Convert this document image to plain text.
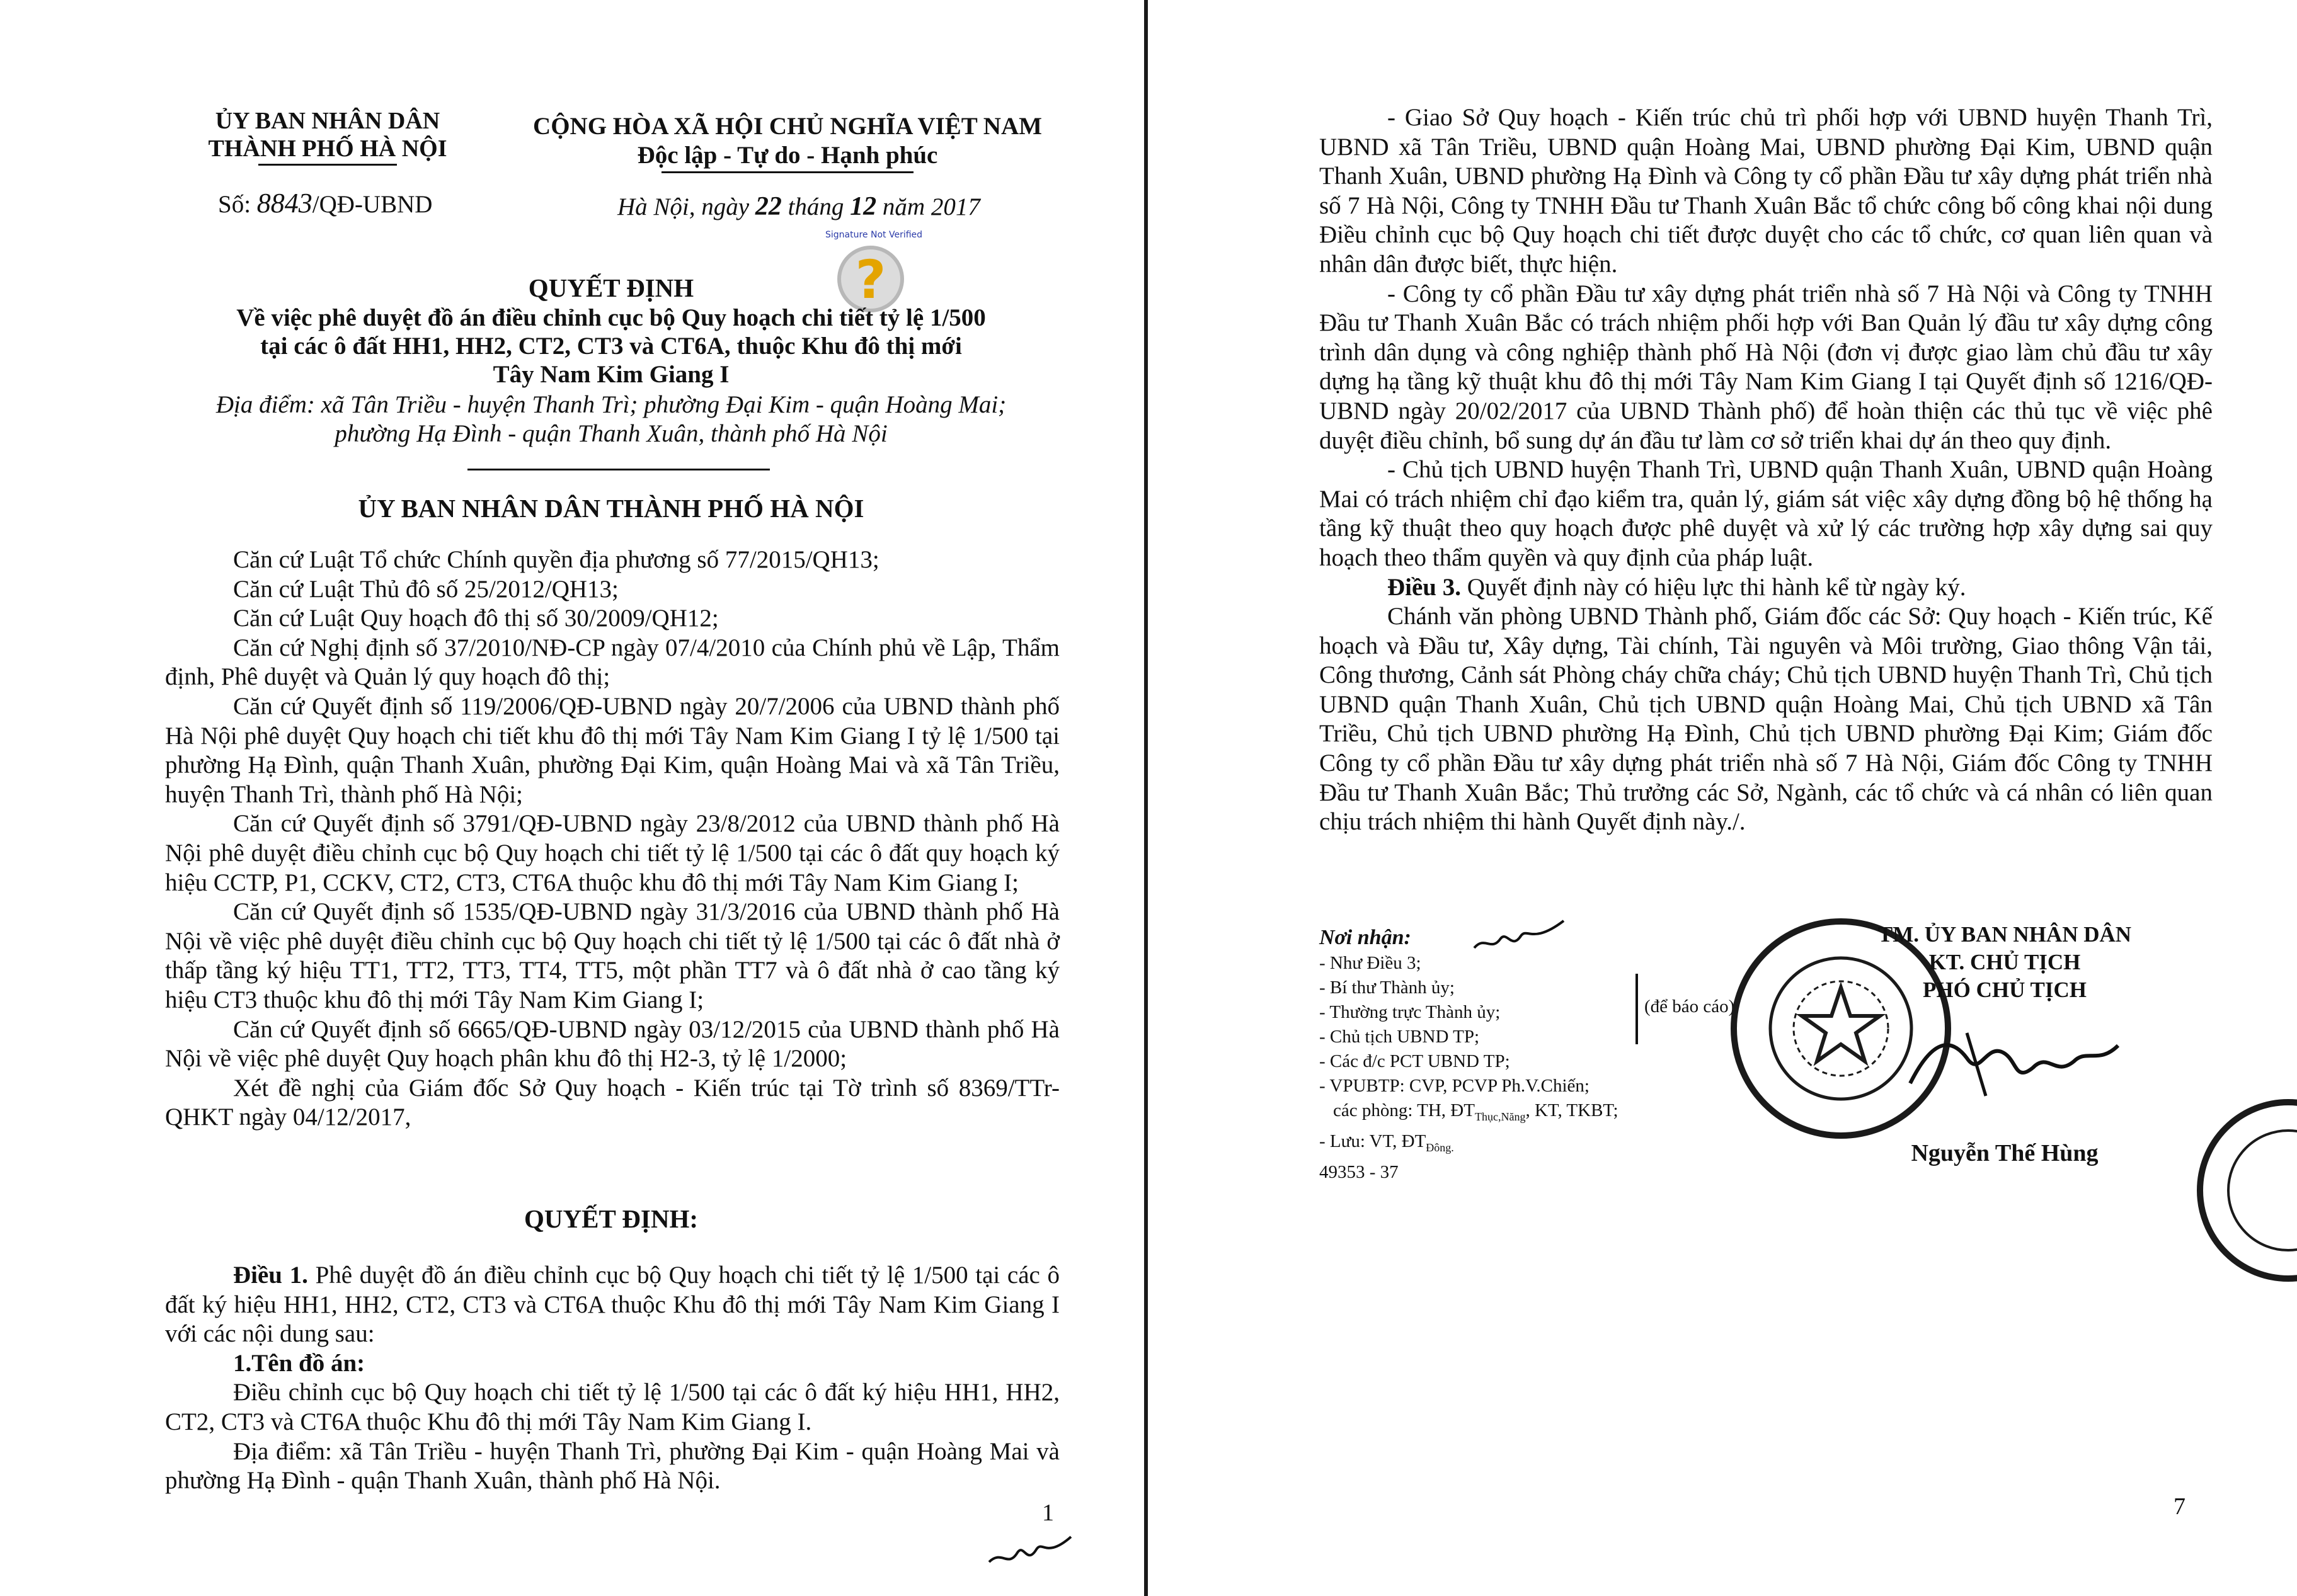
ỦY BAN NHÂN DÂN
THÀNH PHỐ HÀ NỘI
CỘNG HÒA XÃ HỘI CHỦ NGHĨA VIỆT NAM
Độc lập - Tự do - Hạnh phúc
Số: 8843/QĐ-UBND	Hà Nội, ngày 22 tháng 12 năm 2017
Signature Not Verified
?
QUYẾT ĐỊNH
Về việc phê duyệt đồ án điều chỉnh cục bộ Quy hoạch chi tiết tỷ lệ 1/500
tại các ô đất HH1, HH2, CT2, CT3 và CT6A, thuộc Khu đô thị mới
Tây Nam Kim Giang I
Địa điểm: xã Tân Triều - huyện Thanh Trì; phường Đại Kim - quận Hoàng Mai;
phường Hạ Đình - quận Thanh Xuân, thành phố Hà Nội
ỦY BAN NHÂN DÂN THÀNH PHỐ HÀ NỘI

Căn cứ Luật Tổ chức Chính quyền địa phương số 77/2015/QH13;

Căn cứ Luật Thủ đô số 25/2012/QH13;

Căn cứ Luật Quy hoạch đô thị số 30/2009/QH12;

Căn cứ Nghị định số 37/2010/NĐ-CP ngày 07/4/2010 của Chính phủ về Lập, Thẩm định, Phê duyệt và Quản lý quy hoạch đô thị;

Căn cứ Quyết định số 119/2006/QĐ-UBND ngày 20/7/2006 của UBND thành phố Hà Nội phê duyệt Quy hoạch chi tiết khu đô thị mới Tây Nam Kim Giang I tỷ lệ 1/500 tại phường Hạ Đình, quận Thanh Xuân, phường Đại Kim, quận Hoàng Mai và xã Tân Triều, huyện Thanh Trì, thành phố Hà Nội;

Căn cứ Quyết định số 3791/QĐ-UBND ngày 23/8/2012 của UBND thành phố Hà Nội phê duyệt điều chỉnh cục bộ Quy hoạch chi tiết tỷ lệ 1/500 tại các ô đất quy hoạch ký hiệu CCTP, P1, CCKV, CT2, CT3, CT6A thuộc khu đô thị mới Tây Nam Kim Giang I;

Căn cứ Quyết định số 1535/QĐ-UBND ngày 31/3/2016 của UBND thành phố Hà Nội về việc phê duyệt điều chỉnh cục bộ Quy hoạch chi tiết tỷ lệ 1/500 tại các ô đất nhà ở thấp tầng ký hiệu TT1, TT2, TT3, TT4, TT5, một phần TT7 và ô đất nhà ở cao tầng ký hiệu CT3 thuộc khu đô thị mới Tây Nam Kim Giang I;

Căn cứ Quyết định số 6665/QĐ-UBND ngày 03/12/2015 của UBND thành phố Hà Nội về việc phê duyệt Quy hoạch phân khu đô thị H2-3, tỷ lệ 1/2000;

Xét đề nghị của Giám đốc Sở Quy hoạch - Kiến trúc tại Tờ trình số 8369/TTr-QHKT ngày 04/12/2017,

QUYẾT ĐỊNH:

Điều 1. Phê duyệt đồ án điều chỉnh cục bộ Quy hoạch chi tiết tỷ lệ 1/500 tại các ô đất ký hiệu HH1, HH2, CT2, CT3 và CT6A thuộc Khu đô thị mới Tây Nam Kim Giang I với các nội dung sau:

1.Tên đồ án:

Điều chỉnh cục bộ Quy hoạch chi tiết tỷ lệ 1/500 tại các ô đất ký hiệu HH1, HH2, CT2, CT3 và CT6A thuộc Khu đô thị mới Tây Nam Kim Giang I.

Địa điểm: xã Tân Triều - huyện Thanh Trì, phường Đại Kim - quận Hoàng Mai và phường Hạ Đình - quận Thanh Xuân, thành phố Hà Nội.

1

- Giao Sở Quy hoạch - Kiến trúc chủ trì phối hợp với UBND huyện Thanh Trì, UBND xã Tân Triều, UBND quận Hoàng Mai, UBND phường Đại Kim, UBND quận Thanh Xuân, UBND phường Hạ Đình và Công ty cổ phần Đầu tư xây dựng phát triển nhà số 7 Hà Nội, Công ty TNHH Đầu tư Thanh Xuân Bắc tổ chức công bố công khai nội dung Điều chỉnh cục bộ Quy hoạch chi tiết được duyệt cho các tổ chức, cơ quan liên quan và nhân dân được biết, thực hiện.

- Công ty cổ phần Đầu tư xây dựng phát triển nhà số 7 Hà Nội và Công ty TNHH Đầu tư Thanh Xuân Bắc có trách nhiệm phối hợp với Ban Quản lý đầu tư xây dựng công trình dân dụng và công nghiệp thành phố Hà Nội (đơn vị được giao làm chủ đầu tư xây dựng hạ tầng kỹ thuật khu đô thị mới Tây Nam Kim Giang I tại Quyết định số 1216/QĐ-UBND ngày 20/02/2017 của UBND Thành phố) để hoàn thiện các thủ tục về việc phê duyệt điều chỉnh, bổ sung dự án đầu tư làm cơ sở triển khai dự án theo quy định.

- Chủ tịch UBND huyện Thanh Trì, UBND quận Thanh Xuân, UBND quận Hoàng Mai có trách nhiệm chỉ đạo kiểm tra, quản lý, giám sát việc xây dựng đồng bộ hệ thống hạ tầng kỹ thuật theo quy hoạch được phê duyệt và xử lý các trường hợp xây dựng sai quy hoạch theo thẩm quyền và quy định của pháp luật.

Điều 3. Quyết định này có hiệu lực thi hành kể từ ngày ký.

Chánh văn phòng UBND Thành phố, Giám đốc các Sở: Quy hoạch - Kiến trúc, Kế hoạch và Đầu tư, Xây dựng, Tài chính, Tài nguyên và Môi trường, Giao thông Vận tải, Công thương, Cảnh sát Phòng cháy chữa cháy; Chủ tịch UBND huyện Thanh Trì, Chủ tịch UBND quận Thanh Xuân, Chủ tịch UBND quận Hoàng Mai, Chủ tịch UBND xã Tân Triều, Chủ tịch UBND phường Hạ Đình, Chủ tịch UBND phường Đại Kim; Giám đốc Công ty cổ phần Đầu tư xây dựng phát triển nhà số 7 Hà Nội, Giám đốc Công ty TNHH Đầu tư Thanh Xuân Bắc; Thủ trưởng các Sở, Ngành, các tổ chức và cá nhân có liên quan chịu trách nhiệm thi hành Quyết định này./.

Nơi nhận:
- Như Điều 3;
- Bí thư Thành ủy;
- Thường trực Thành ủy;
- Chủ tịch UBND TP;
- Các đ/c PCT UBND TP;
- VPUBTP: CVP, PCVP Ph.V.Chiến;
các phòng: TH, $ĐT_{Thục,Năng}$, KT, TKBT;
- Lưu: VT, $ĐT_{Đông.}$
49353 - 37
(để báo cáo)
TM. ỦY BAN NHÂN DÂN
KT. CHỦ TỊCH
PHÓ CHỦ TỊCH
Nguyễn Thế Hùng
7
